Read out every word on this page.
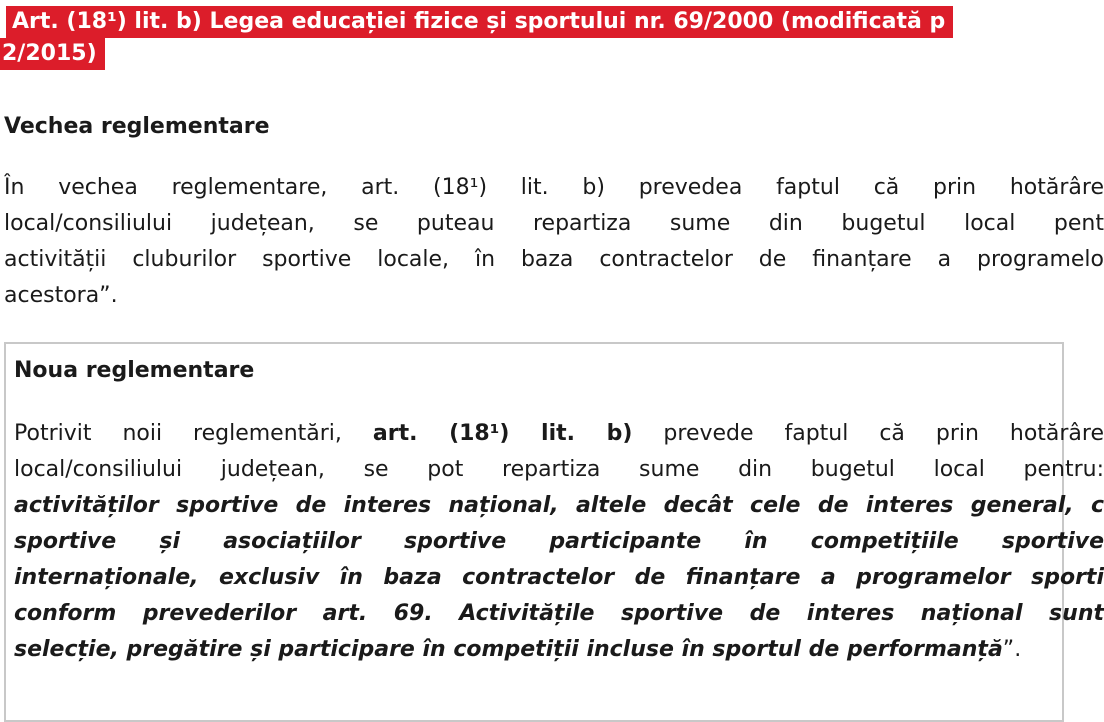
Art. (18¹) lit. b) Legea educației fizice și sportului nr. 69/2000 (modificată p
2/2015)
Vechea reglementare
În vechea reglementare, art. (18¹) lit. b) prevedea faptul că prin hotărâre
local/consiliului județean, se puteau repartiza sume din bugetul local pent
activității cluburilor sportive locale, în baza contractelor de finanțare a programelo
acestora”.
Noua reglementare
Potrivit noii reglementări, art. (18¹) lit. b) prevede faptul că prin hotărâre
local/consiliului județean, se pot repartiza sume din bugetul local pentru:
activităților sportive de interes național, altele decât cele de interes general, c
sportive și asociațiilor sportive participante în competițiile sportive
internaționale, exclusiv în baza contractelor de finanțare a programelor sporti
conform prevederilor art. 69. Activitățile sportive de interes național sunt
selecție, pregătire și participare în competiții incluse în sportul de performanță”.
